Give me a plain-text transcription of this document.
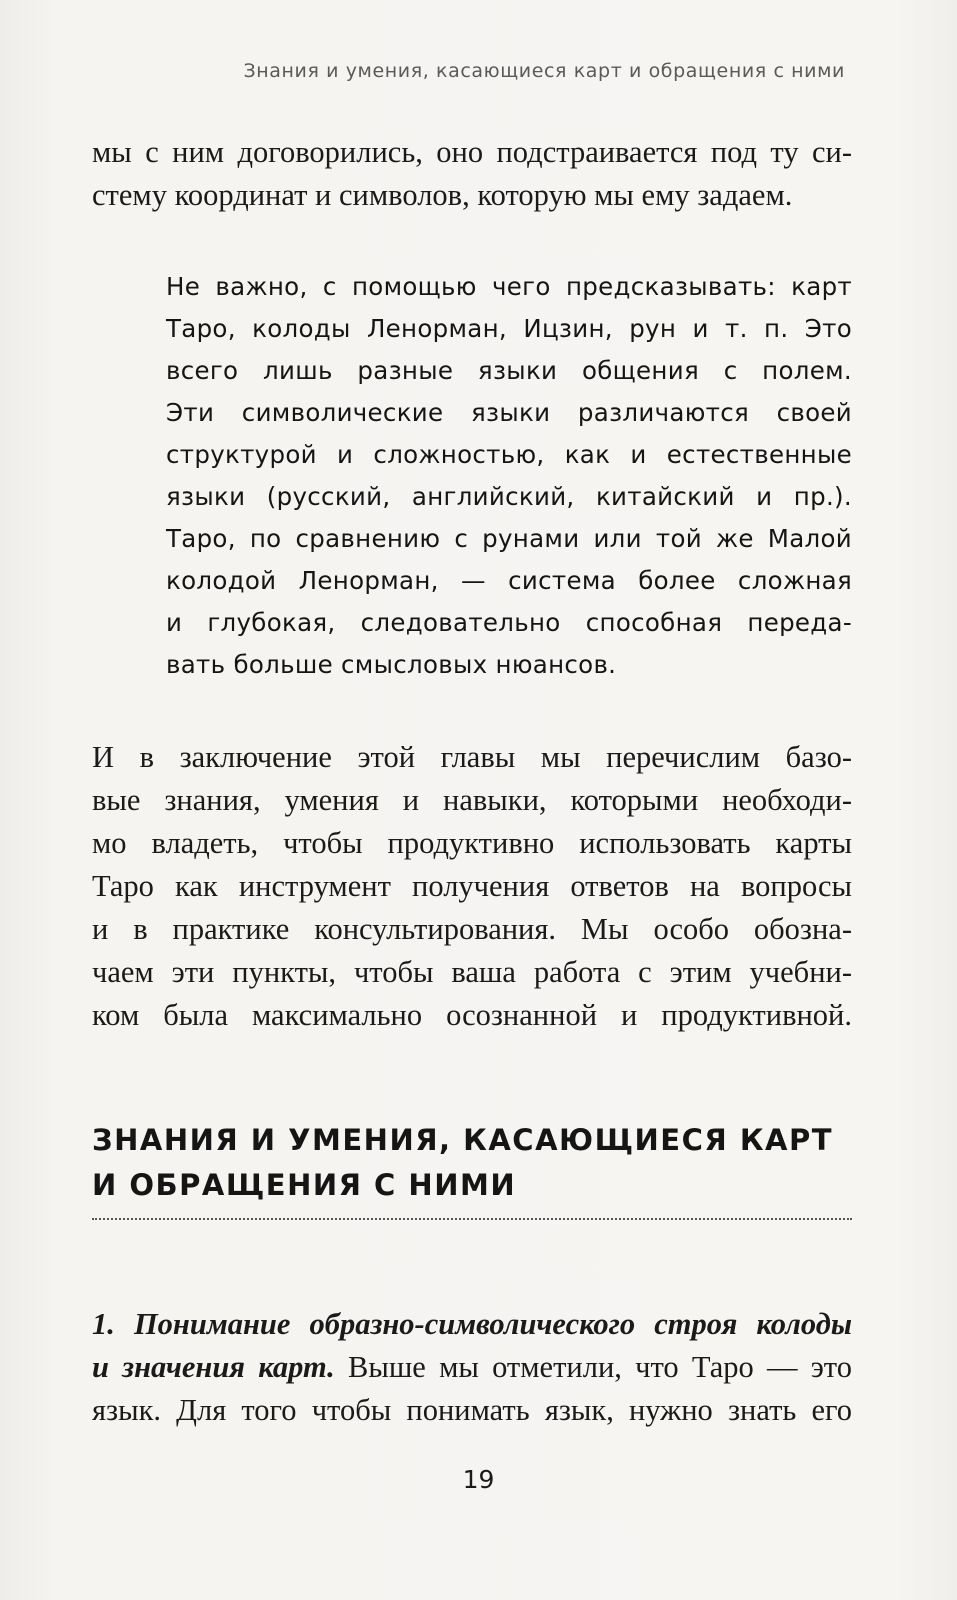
Знания и умения, касающиеся карт и обращения с ними
мы с ним договорились, оно подстраивается под ту си-
стему координат и символов, которую мы ему задаем.
Не важно, с помощью чего предсказывать: карт
Таро, колоды Ленорман, Ицзин, рун и т. п. Это
всего лишь разные языки общения с полем.
Эти символические языки различаются своей
структурой и сложностью, как и естественные
языки (русский, английский, китайский и пр.).
Таро, по сравнению с рунами или той же Малой
колодой Ленорман, — система более сложная
и глубокая, следовательно способная переда-
вать больше смысловых нюансов.
И в заключение этой главы мы перечислим базо-
вые знания, умения и навыки, которыми необходи-
мо владеть, чтобы продуктивно использовать карты
Таро как инструмент получения ответов на вопросы
и в практике консультирования. Мы особо обозна-
чаем эти пункты, чтобы ваша работа с этим учебни-
ком была максимально осознанной и продуктивной.
ЗНАНИЯ И УМЕНИЯ, КАСАЮЩИЕСЯ КАРТ
И ОБРАЩЕНИЯ С НИМИ
1. Понимание образно-символического строя колоды
и значения карт. Выше мы отметили, что Таро — это
язык. Для того чтобы понимать язык, нужно знать его
19
